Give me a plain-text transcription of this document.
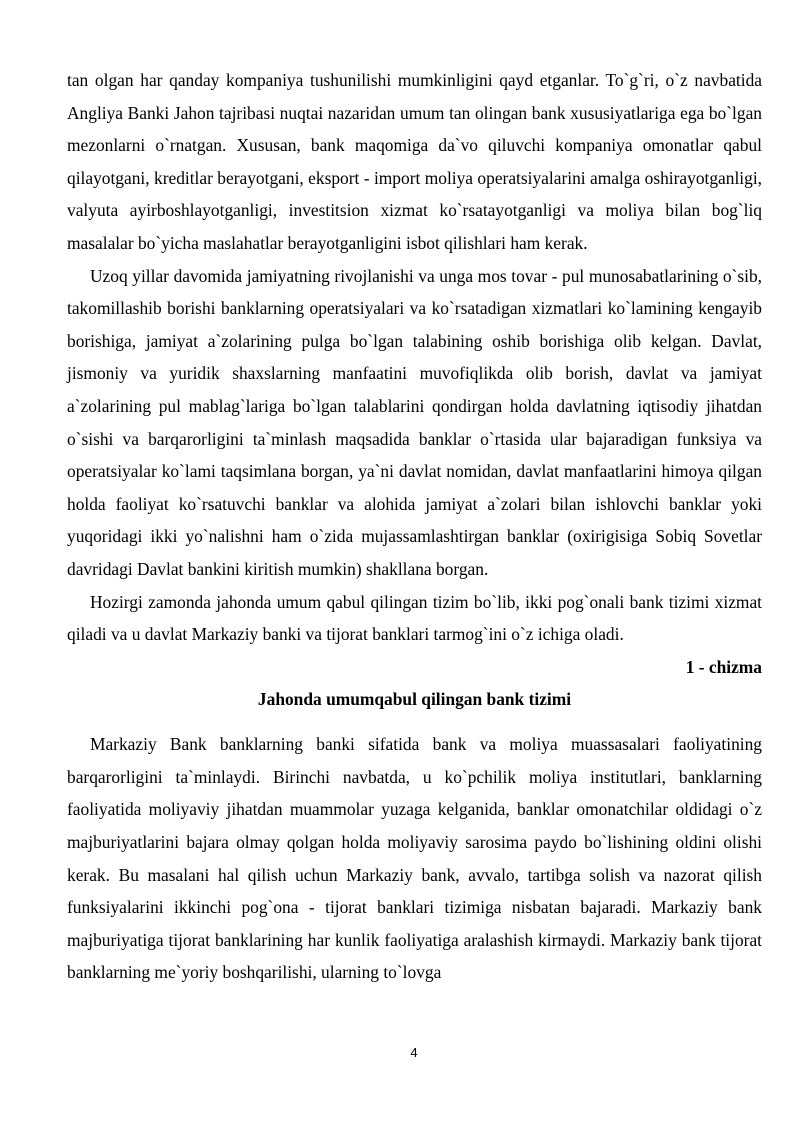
tan olgan har qanday kompaniya tushunilishi mumkinligini qayd etganlar. To`g`ri, o`z navbatida Angliya Banki Jahon tajribasi nuqtai nazaridan umum tan olingan bank xususiyatlariga ega bo`lgan mezonlarni o`rnatgan. Xususan, bank maqomiga da`vo qiluvchi kompaniya omonatlar qabul qilayotgani, kreditlar berayotgani, eksport - import moliya operatsiyalarini amalga oshirayotganligi, valyuta ayirboshlayotganligi, investitsion xizmat ko`rsatayotganligi va moliya bilan bog`liq masalalar bo`yicha maslahatlar berayotganligini isbot qilishlari ham kerak.

Uzoq yillar davomida jamiyatning rivojlanishi va unga mos tovar - pul munosabatlarining o`sib, takomillashib borishi banklarning operatsiyalari va ko`rsatadigan xizmatlari ko`lamining kengayib borishiga, jamiyat a`zolarining pulga bo`lgan talabining oshib borishiga olib kelgan. Davlat, jismoniy va yuridik shaxslarning manfaatini muvofiqlikda olib borish, davlat va jamiyat a`zolarining pul mablag`lariga bo`lgan talablarini qondirgan holda davlatning iqtisodiy jihatdan o`sishi va barqarorligini ta`minlash maqsadida banklar o`rtasida ular bajaradigan funksiya va operatsiyalar ko`lami taqsimlana borgan, ya`ni davlat nomidan, davlat manfaatlarini himoya qilgan holda faoliyat ko`rsatuvchi banklar va alohida jamiyat a`zolari bilan ishlovchi banklar yoki yuqoridagi ikki yo`nalishni ham o`zida mujassamlashtirgan banklar (oxirigisiga Sobiq Sovetlar davridagi Davlat bankini kiritish mumkin) shakllana borgan.

Hozirgi zamonda jahonda umum qabul qilingan tizim bo`lib, ikki pog`onali bank tizimi xizmat qiladi va u davlat Markaziy banki va tijorat banklari tarmog`ini o`z ichiga oladi.

1 - chizma

Jahonda umumqabul qilingan bank tizimi

Markaziy Bank banklarning banki sifatida bank va moliya muassasalari faoliyatining barqarorligini ta`minlaydi. Birinchi navbatda, u ko`pchilik moliya institutlari, banklarning faoliyatida moliyaviy jihatdan muammolar yuzaga kelganida, banklar omonatchilar oldidagi o`z majburiyatlarini bajara olmay qolgan holda moliyaviy sarosima paydo bo`lishining oldini olishi kerak. Bu masalani hal qilish uchun Markaziy bank, avvalo, tartibga solish va nazorat qilish funksiyalarini ikkinchi pog`ona - tijorat banklari tizimiga nisbatan bajaradi. Markaziy bank majburiyatiga tijorat banklarining har kunlik faoliyatiga aralashish kirmaydi. Markaziy bank tijorat banklarning me`yoriy boshqarilishi, ularning to`lovga

4
